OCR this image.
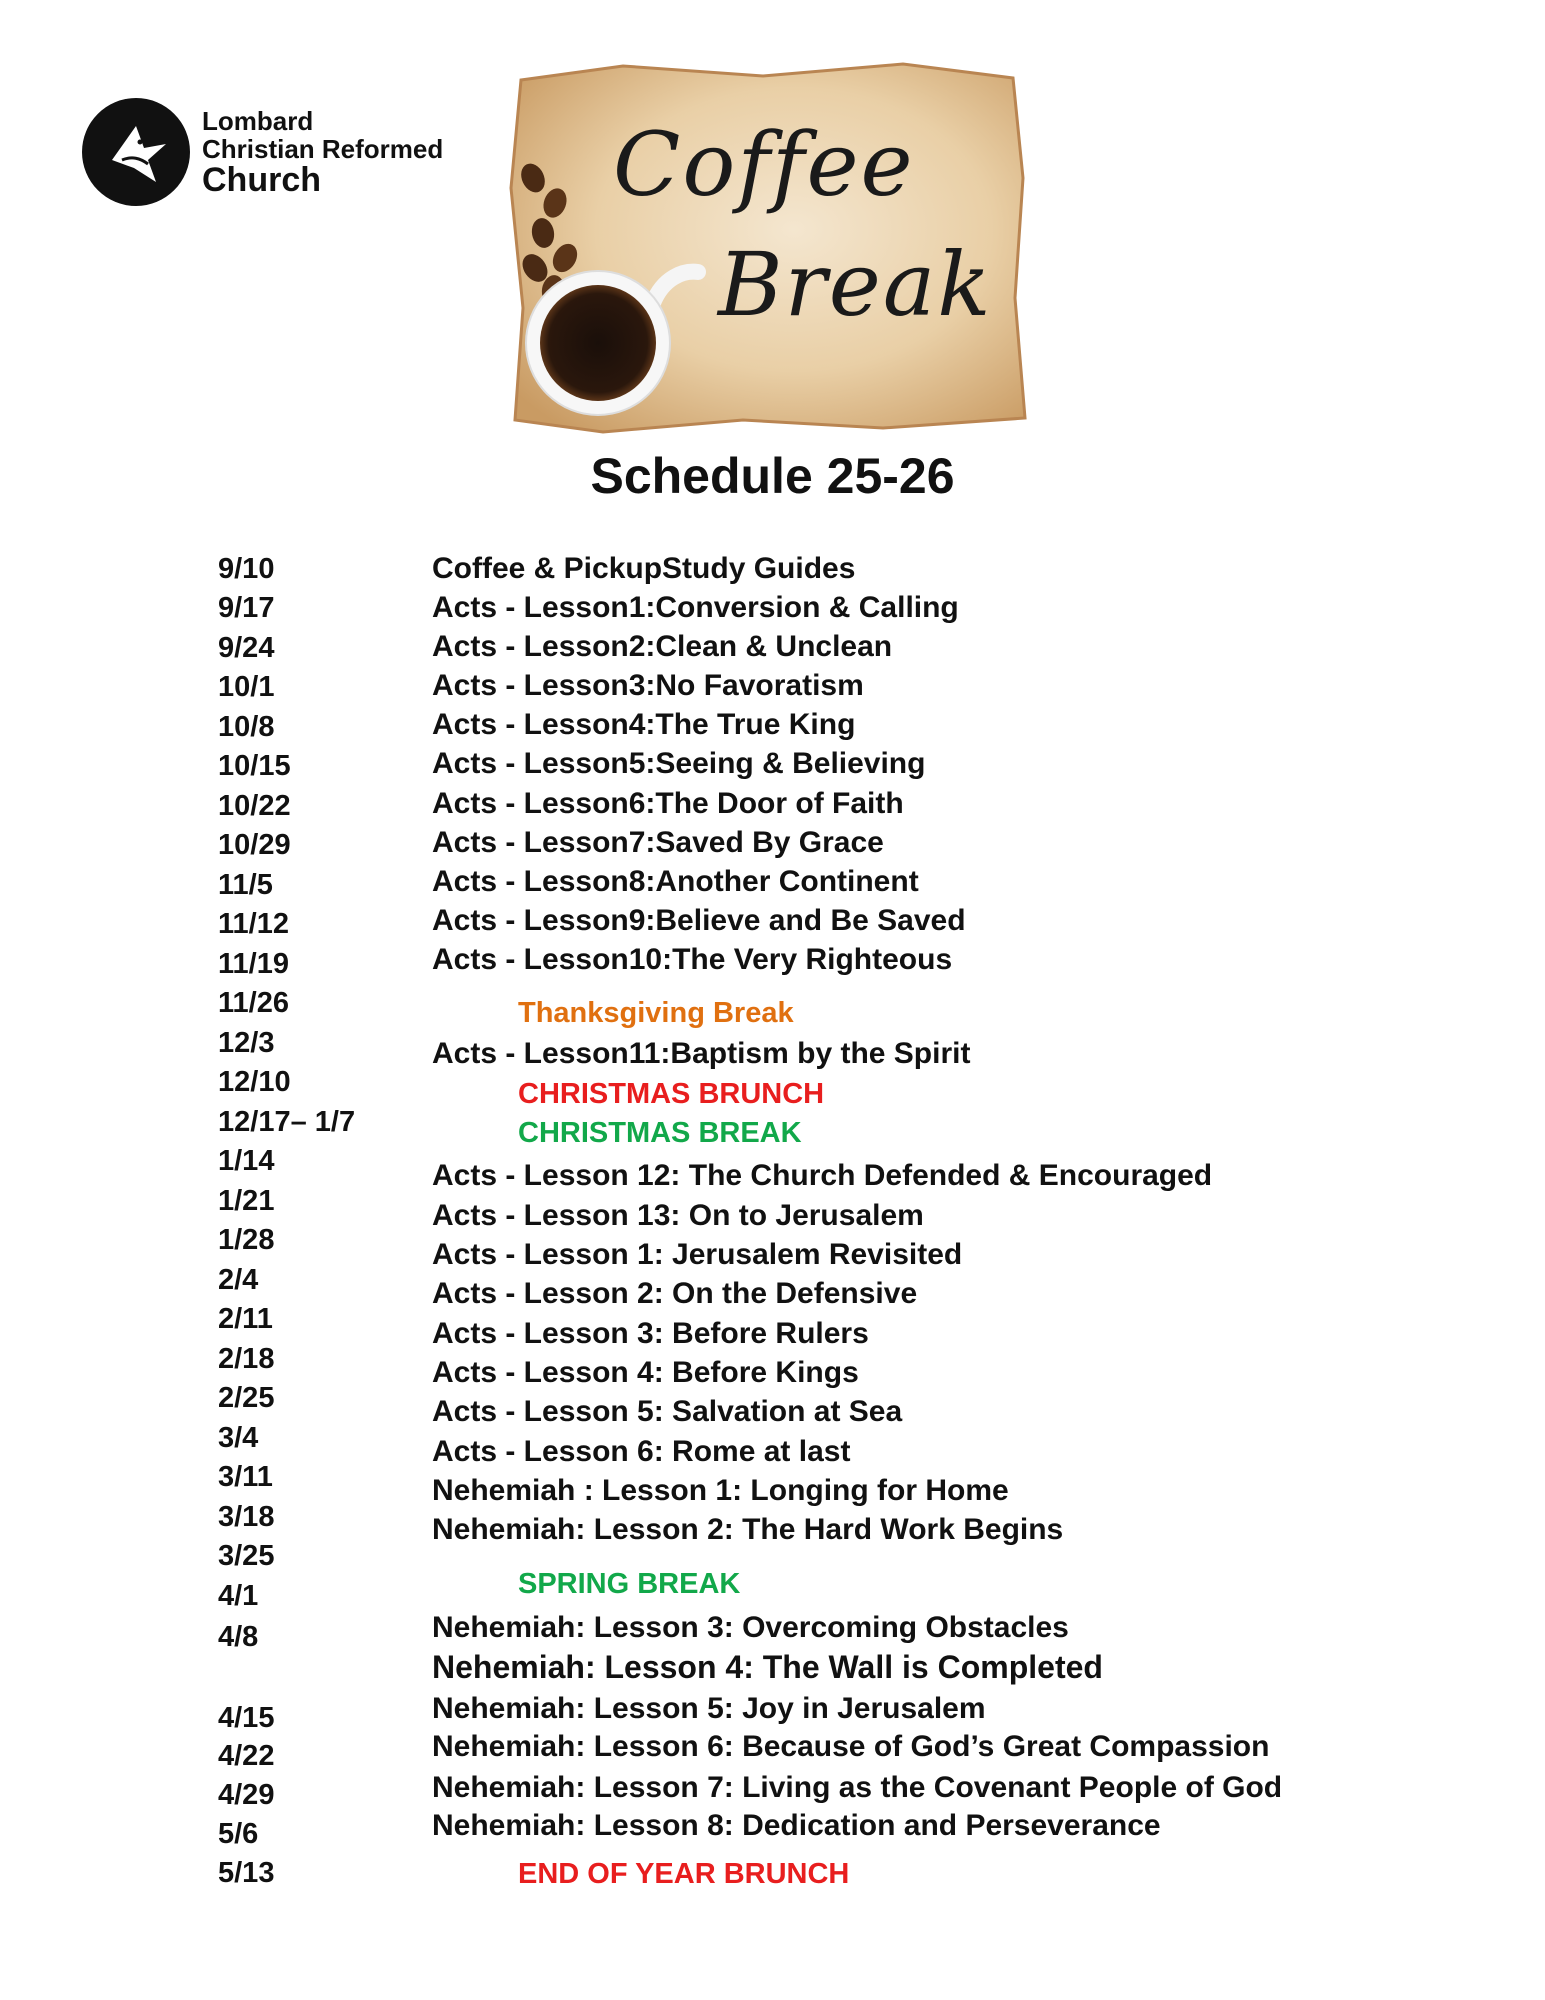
Lombard
Christian Reformed
Church	Coffee
Break
Schedule 25-26
9/10
9/17
9/24
10/1
10/8
10/15
10/22
10/29
11/5
11/12
11/19
11/26
12/3
12/10
12/17– 1/7
1/14
1/21
1/28
2/4
2/11
2/18
2/25
3/4
3/11
3/18
3/25
4/1
4/8
4/15
4/22
4/29
5/6
5/13
Coffee & PickupStudy Guides
Acts - Lesson1:Conversion & Calling
Acts - Lesson2:Clean & Unclean
Acts - Lesson3:No Favoratism
Acts - Lesson4:The True King
Acts - Lesson5:Seeing & Believing
Acts - Lesson6:The Door of Faith
Acts - Lesson7:Saved By Grace
Acts - Lesson8:Another Continent
Acts - Lesson9:Believe and Be Saved
Acts - Lesson10:The Very Righteous
Thanksgiving Break
Acts - Lesson11:Baptism by the Spirit
CHRISTMAS BRUNCH
CHRISTMAS BREAK
Acts - Lesson 12: The Church Defended & Encouraged
Acts - Lesson 13: On to Jerusalem
Acts - Lesson 1: Jerusalem Revisited
Acts - Lesson 2: On the Defensive
Acts - Lesson 3: Before Rulers
Acts - Lesson 4: Before Kings
Acts - Lesson 5: Salvation at Sea
Acts - Lesson 6: Rome at last
Nehemiah : Lesson 1: Longing for Home
Nehemiah: Lesson 2: The Hard Work Begins
SPRING BREAK
Nehemiah: Lesson 3: Overcoming Obstacles
Nehemiah: Lesson 4: The Wall is Completed
Nehemiah: Lesson 5: Joy in Jerusalem
Nehemiah: Lesson 6: Because of God’s Great Compassion
Nehemiah: Lesson 7: Living as the Covenant People of God
Nehemiah: Lesson 8: Dedication and Perseverance
END OF YEAR BRUNCH
